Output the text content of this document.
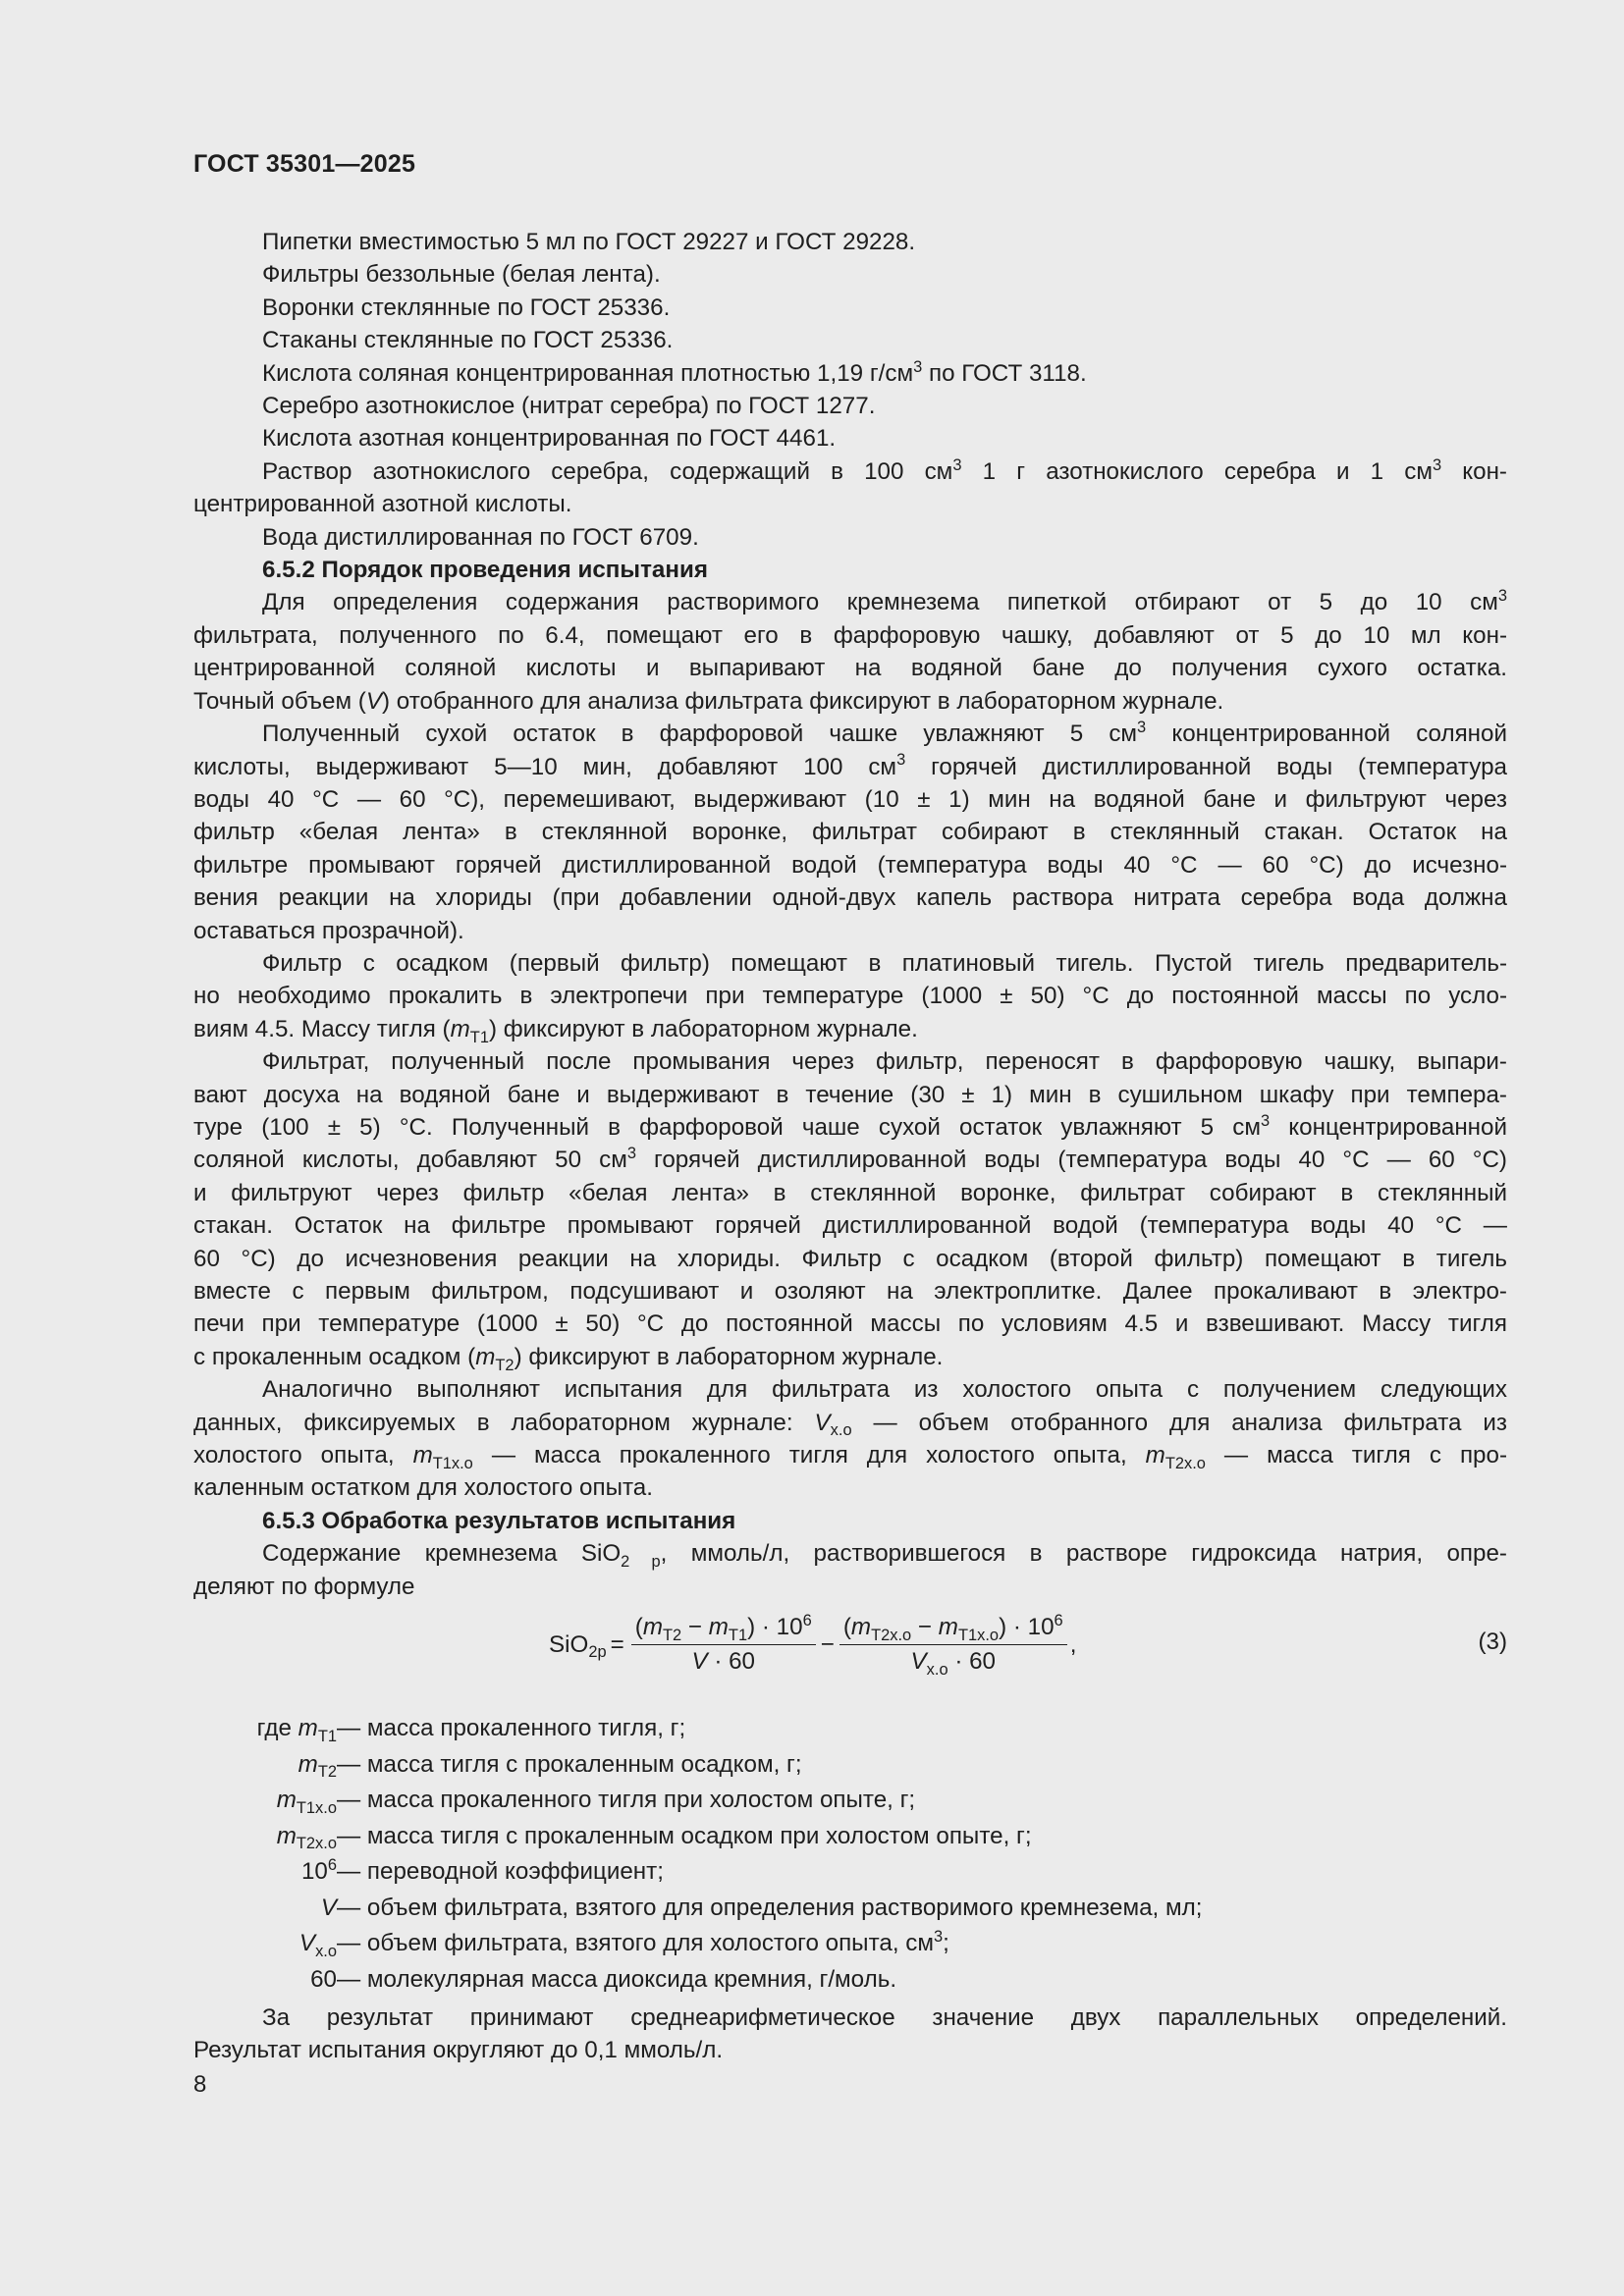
ГОСТ 35301—2025

Пипетки вместимостью 5 мл по ГОСТ 29227 и ГОСТ 29228.

Фильтры беззольные (белая лента).

Воронки стеклянные по ГОСТ 25336.

Стаканы стеклянные по ГОСТ 25336.

Кислота соляная концентрированная плотностью 1,19 $г/см^3$ по ГОСТ 3118.

Серебро азотнокислое (нитрат серебра) по ГОСТ 1277.

Кислота азотная концентрированная по ГОСТ 4461.

Раствор азотнокислого серебра, содержащий в 100 $см^3$ 1 г азотнокислого серебра и 1 $см^3$ кон-

центрированной азотной кислоты.

Вода дистиллированная по ГОСТ 6709.

6.5.2 Порядок проведения испытания

Для определения содержания растворимого кремнезема пипеткой отбирают от 5 до 10 $см^3$

фильтрата, полученного по 6.4, помещают его в фарфоровую чашку, добавляют от 5 до 10 мл кон-

центрированной соляной кислоты и выпаривают на водяной бане до получения сухого остатка.

Точный объем (V) отобранного для анализа фильтрата фиксируют в лабораторном журнале.

Полученный сухой остаток в фарфоровой чашке увлажняют 5 $см^3$ концентрированной соляной

кислоты, выдерживают 5—10 мин, добавляют 100 $см^3$ горячей дистиллированной воды (температура

воды 40 °C — 60 °C), перемешивают, выдерживают (10 ± 1) мин на водяной бане и фильтруют через

фильтр «белая лента» в стеклянной воронке, фильтрат собирают в стеклянный стакан. Остаток на

фильтре промывают горячей дистиллированной водой (температура воды 40 °C — 60 °C) до исчезно-

вения реакции на хлориды (при добавлении одной-двух капель раствора нитрата серебра вода должна

оставаться прозрачной).

Фильтр с осадком (первый фильтр) помещают в платиновый тигель. Пустой тигель предваритель-

но необходимо прокалить в электропечи при температуре (1000 ± 50) °C до постоянной массы по усло-

виям 4.5. Массу тигля $(m_{Т1})$ фиксируют в лабораторном журнале.

Фильтрат, полученный после промывания через фильтр, переносят в фарфоровую чашку, выпари-

вают досуха на водяной бане и выдерживают в течение (30 ± 1) мин в сушильном шкафу при темпера-

туре (100 ± 5) °C. Полученный в фарфоровой чаше сухой остаток увлажняют 5 $см^3$ концентрированной

соляной кислоты, добавляют 50 $см^3$ горячей дистиллированной воды (температура воды 40 °C — 60 °C)

и фильтруют через фильтр «белая лента» в стеклянной воронке, фильтрат собирают в стеклянный

стакан. Остаток на фильтре промывают горячей дистиллированной водой (температура воды 40 °C —

60 °C) до исчезновения реакции на хлориды. Фильтр с осадком (второй фильтр) помещают в тигель

вместе с первым фильтром, подсушивают и озоляют на электроплитке. Далее прокаливают в электро-

печи при температуре (1000 ± 50) °C до постоянной массы по условиям 4.5 и взвешивают. Массу тигля

с прокаленным осадком $(m_{Т2})$ фиксируют в лабораторном журнале.

Аналогично выполняют испытания для фильтрата из холостого опыта с получением следующих

данных, фиксируемых в лабораторном журнале: $V_{х.о}$ — объем отобранного для анализа фильтрата из

холостого опыта, $m_{Т1х.о}$ — масса прокаленного тигля для холостого опыта, $m_{Т2х.о}$ — масса тигля с про-

каленным остатком для холостого опыта.

6.5.3 Обработка результатов испытания

Содержание кремнезема SiO$_{2 р}$, ммоль/л, растворившегося в растворе гидроксида натрия, опре-

деляют по формуле

$SiO_{2р} = \frac{(m_{Т2} - m_{Т1}) \cdot 10^6}{V \cdot 60} - \frac{(m_{Т2х.о} - m_{Т1х.о}) \cdot 10^6}{V_{х.о} \cdot 60}$ ,	(3)
где $m_{Т1}$ — масса прокаленного тигля, г;
$m_{Т2}$ — масса тигля с прокаленным осадком, г;
$m_{Т1х.о}$ — масса прокаленного тигля при холостом опыте, г;
$m_{Т2х.о}$ — масса тигля с прокаленным осадком при холостом опыте, г;
$10^6$ — переводной коэффициент;
V — объем фильтрата, взятого для определения растворимого кремнезема, мл;
$V_{х.о}$ — объем фильтрата, взятого для холостого опыта, $см^3$;
60 — молекулярная масса диоксида кремния, г/моль.

За результат принимают среднеарифметическое значение двух параллельных определений.

Результат испытания округляют до 0,1 ммоль/л.

8
